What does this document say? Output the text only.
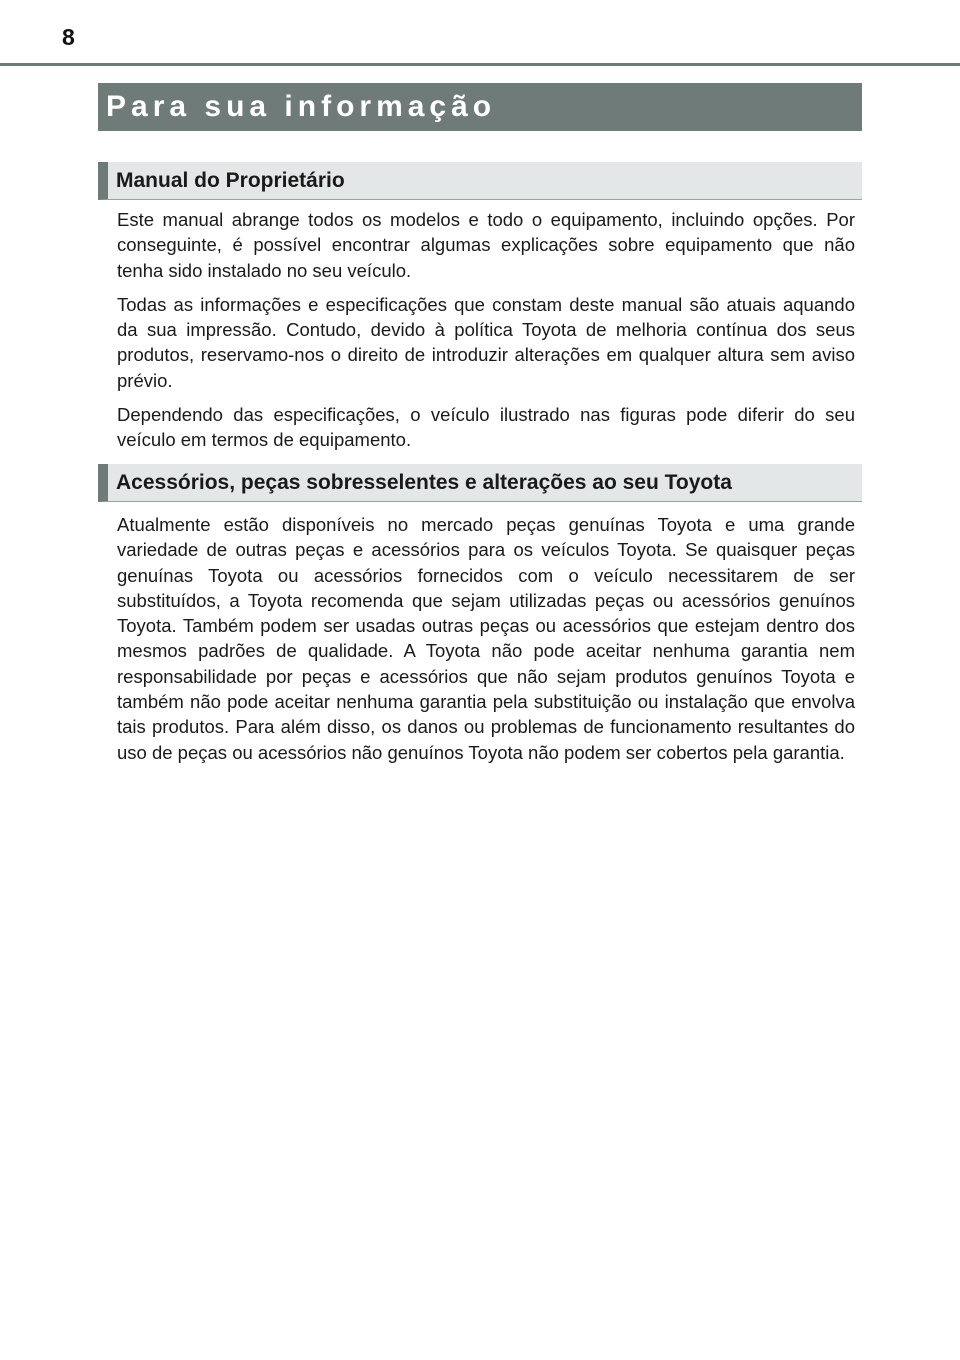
8
Para sua informação
Manual do Proprietário

Este manual abrange todos os modelos e todo o equipamento, incluindo opções. Por conseguinte, é possível encontrar algumas explicações sobre equipamento que não tenha sido instalado no seu veículo.

Todas as informações e especificações que constam deste manual são atuais aquando da sua impressão. Contudo, devido à política Toyota de melhoria contínua dos seus produtos, reservamo-nos o direito de introduzir alterações em qualquer altura sem aviso prévio.

Dependendo das especificações, o veículo ilustrado nas figuras pode diferir do seu veículo em termos de equipamento.

Acessórios, peças sobresselentes e alterações ao seu Toyota

Atualmente estão disponíveis no mercado peças genuínas Toyota e uma grande variedade de outras peças e acessórios para os veículos Toyota. Se quaisquer peças genuínas Toyota ou acessórios fornecidos com o veículo necessitarem de ser substituídos, a Toyota recomenda que sejam utilizadas peças ou acessórios genuínos Toyota. Também podem ser usadas outras peças ou acessórios que estejam dentro dos mesmos padrões de qualidade. A Toyota não pode aceitar nenhuma garantia nem responsabilidade por peças e acessórios que não sejam produtos genuínos Toyota e também não pode aceitar nenhuma garantia pela substituição ou instalação que envolva tais produtos. Para além disso, os danos ou problemas de funcionamento resultantes do uso de peças ou acessórios não genuínos Toyota não podem ser cobertos pela garantia.
